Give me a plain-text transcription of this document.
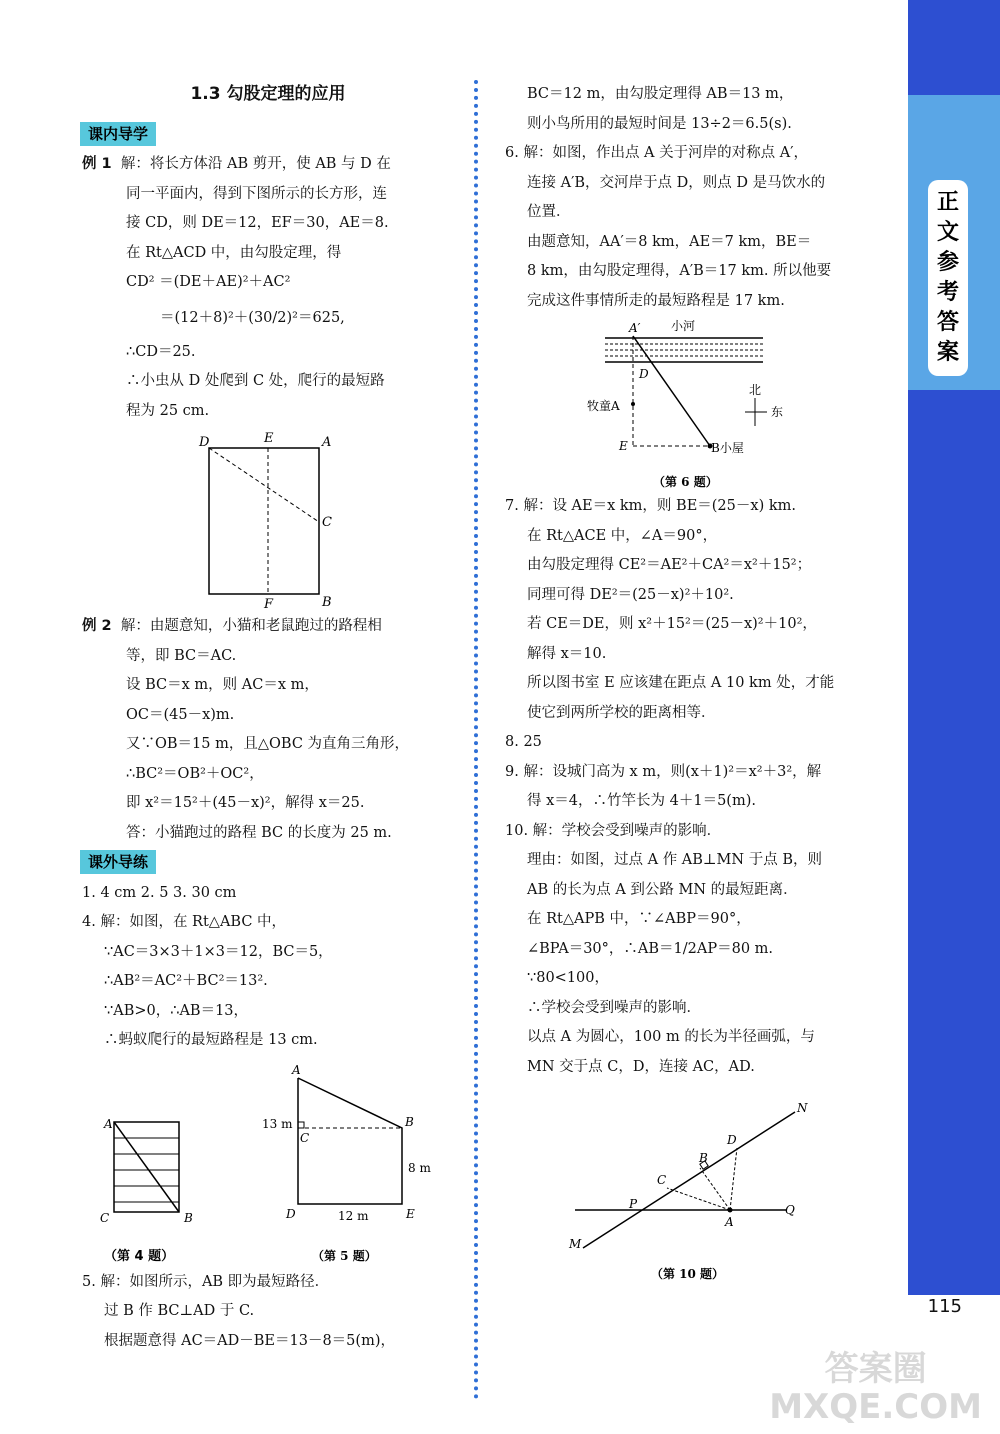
1.3 勾股定理的应用
课内导学
例 1 解：将长方体沿 AB 剪开，使 AB 与 D 在
同一平面内，得到下图所示的长方形，连
接 CD，则 DE＝12，EF＝30，AE＝8.
在 Rt△ACD 中，由勾股定理，得
CD² ＝(DE＋AE)²＋AC²
＝(12＋8)²＋(30/2)²＝625,
∴CD＝25.
∴小虫从 D 处爬到 C 处，爬行的最短路
程为 25 cm.
D	E	A
C
F	B
例 2 解：由题意知，小猫和老鼠跑过的路程相
等，即 BC＝AC.
设 BC＝x m，则 AC＝x m，
OC＝(45－x)m.
又∵OB＝15 m，且△OBC 为直角三角形，
∴BC²＝OB²＋OC²，
即 x²＝15²＋(45－x)²，解得 x＝25.
答：小猫跑过的路程 BC 的长度为 25 m.
课外导练
1. 4 cm 2. 5 3. 30 cm
4. 解：如图，在 Rt△ABC 中，
∵AC＝3×3＋1×3＝12，BC＝5，
∴AB²＝AC²＋BC²＝13².
∵AB>0，∴AB＝13，
∴蚂蚁爬行的最短路程是 13 cm.
A
C	B
（第 4 题）
A
B
C
D	E
13 m
8 m
12 m
（第 5 题）
5. 解：如图所示，AB 即为最短路径．
过 B 作 BC⊥AD 于 C.
根据题意得 AC＝AD－BE＝13－8＝5(m)，
BC＝12 m，由勾股定理得 AB＝13 m，
则小鸟所用的最短时间是 13÷2＝6.5(s).
6. 解：如图，作出点 A 关于河岸的对称点 A′，
连接 A′B，交河岸于点 D，则点 D 是马饮水的
位置．
由题意知，AA′＝8 km，AE＝7 km，BE＝
8 km，由勾股定理得，A′B＝17 km. 所以他要
完成这件事情所走的最短路程是 17 km.
A′	小河
D
牧童A
北
东
E	B小屋
（第 6 题）
7. 解：设 AE＝x km，则 BE＝(25－x) km.
在 Rt△ACE 中，∠A＝90°，
由勾股定理得 CE²＝AE²＋CA²＝x²＋15²；
同理可得 DE²＝(25－x)²＋10².
若 CE＝DE，则 x²＋15²＝(25－x)²＋10²，
解得 x＝10.
所以图书室 E 应该建在距点 A 10 km 处，才能
使它到两所学校的距离相等．
8. 25
9. 解：设城门高为 x m，则(x＋1)²＝x²＋3²，解
得 x＝4，∴竹竿长为 4＋1＝5(m).
10. 解：学校会受到噪声的影响．
理由：如图，过点 A 作 AB⊥MN 于点 B，则
AB 的长为点 A 到公路 MN 的最短距离．
在 Rt△APB 中，∵∠ABP＝90°，
∠BPA＝30°，∴AB＝1/2AP＝80 m.
∵80<100，
∴学校会受到噪声的影响．
以点 A 为圆心，100 m 的长为半径画弧，与
MN 交于点 C，D，连接 AC，AD.
N
D
B
C
P
A
Q
M
（第 10 题）
正
文
参
考
答
案
115
答案圈
MXQE.COM
